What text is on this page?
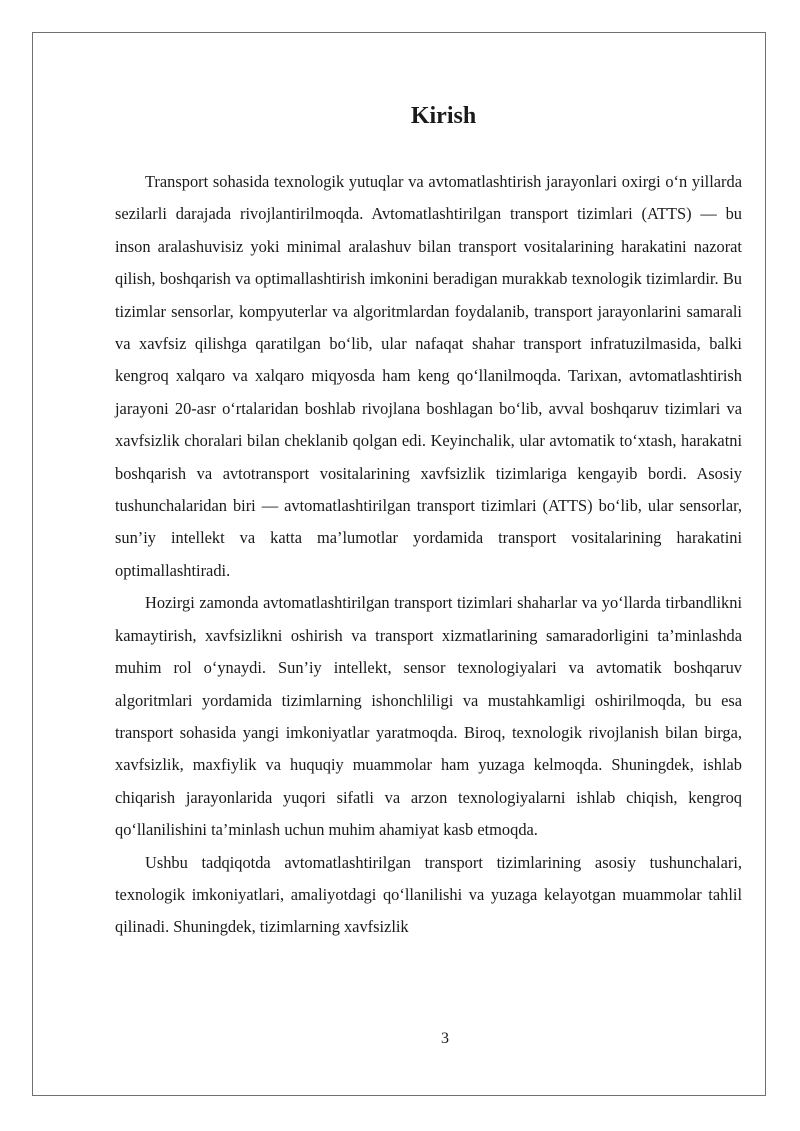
Kirish

Transport sohasida texnologik yutuqlar va avtomatlashtirish jarayonlari oxirgi o‘n yillarda sezilarli darajada rivojlantirilmoqda. Avtomatlashtirilgan transport tizimlari (ATTS) — bu inson aralashuvisiz yoki minimal aralashuv bilan transport vositalarining harakatini nazorat qilish, boshqarish va optimallashtirish imkonini beradigan murakkab texnologik tizimlardir. Bu tizimlar sensorlar, kompyuterlar va algoritmlardan foydalanib, transport jarayonlarini samarali va xavfsiz qilishga qaratilgan bo‘lib, ular nafaqat shahar transport infratuzilmasida, balki kengroq xalqaro va xalqaro miqyosda ham keng qo‘llanilmoqda. Tarixan, avtomatlashtirish jarayoni 20-asr o‘rtalaridan boshlab rivojlana boshlagan bo‘lib, avval boshqaruv tizimlari va xavfsizlik choralari bilan cheklanib qolgan edi. Keyinchalik, ular avtomatik to‘xtash, harakatni boshqarish va avtotransport vositalarining xavfsizlik tizimlariga kengayib bordi. Asosiy tushunchalaridan biri — avtomatlashtirilgan transport tizimlari (ATTS) bo‘lib, ular sensorlar, sun’iy intellekt va katta ma’lumotlar yordamida transport vositalarining harakatini optimallashtiradi.

Hozirgi zamonda avtomatlashtirilgan transport tizimlari shaharlar va yo‘llarda tirbandlikni kamaytirish, xavfsizlikni oshirish va transport xizmatlarining samaradorligini ta’minlashda muhim rol o‘ynaydi. Sun’iy intellekt, sensor texnologiyalari va avtomatik boshqaruv algoritmlari yordamida tizimlarning ishonchliligi va mustahkamligi oshirilmoqda, bu esa transport sohasida yangi imkoniyatlar yaratmoqda. Biroq, texnologik rivojlanish bilan birga, xavfsizlik, maxfiylik va huquqiy muammolar ham yuzaga kelmoqda. Shuningdek, ishlab chiqarish jarayonlarida yuqori sifatli va arzon texnologiyalarni ishlab chiqish, kengroq qo‘llanilishini ta’minlash uchun muhim ahamiyat kasb etmoqda.

Ushbu tadqiqotda avtomatlashtirilgan transport tizimlarining asosiy tushunchalari, texnologik imkoniyatlari, amaliyotdagi qo‘llanilishi va yuzaga kelayotgan muammolar tahlil qilinadi. Shuningdek, tizimlarning xavfsizlik

3
